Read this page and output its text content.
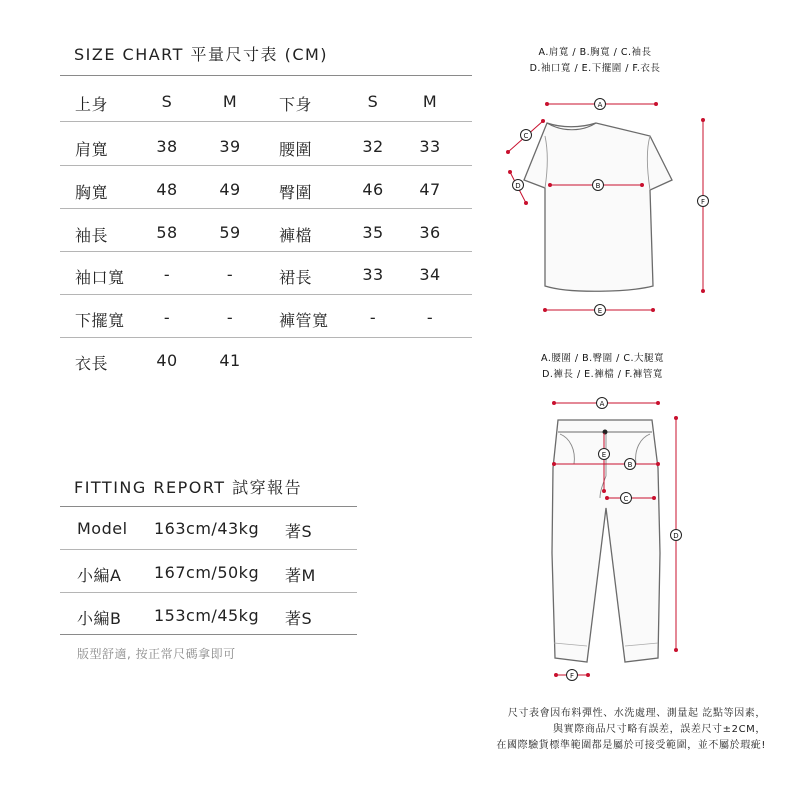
SIZE CHART 平量尺寸表 (CM)
上身	S	M	下身	S	M
肩寬	38	39	腰圍	32	33
胸寬	48	49	臀圍	46	47
袖長	58	59	褲檔	35	36
袖口寬	-	-	裙長	33	34
下擺寬	-	-	褲管寬	-	-
衣長	40	41
FITTING REPORT 試穿報告
Model 163cm/43kg 著S
小編A 167cm/50kg 著M
小編B 153cm/45kg 著S
版型舒適, 按正常尺碼拿即可
A.肩寬 / B.胸寬 / C.袖長
D.袖口寬 / E.下擺圍 / F.衣長
A
B
C
D
E
F
A.腰圍 / B.臀圍 / C.大腿寬
D.褲長 / E.褲檔 / F.褲管寬
A
B
C
D
E
F
尺寸表會因布料彈性、水洗處理、測量起 訖點等因素，
與實際商品尺寸略有誤差，誤差尺寸±2CM，
在國際驗貨標準範圍都是屬於可接受範圍，並不屬於瑕疵!
